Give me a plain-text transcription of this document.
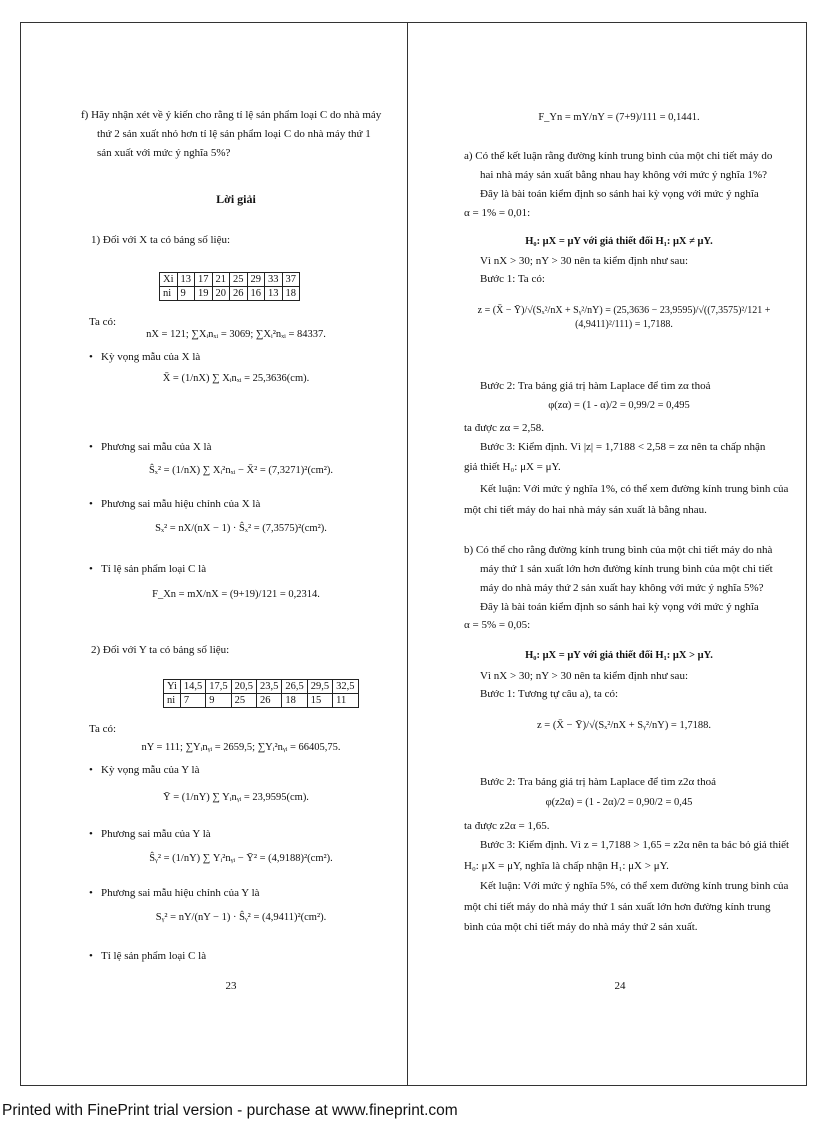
f) Hãy nhận xét về ý kiến cho rằng tỉ lệ sản phẩm loại C do nhà máy

thứ 2 sản xuất nhỏ hơn tỉ lệ sản phẩm loại C do nhà máy thứ 1

sản xuất với mức ý nghĩa 5%?

Lời giải
1) Đối với X ta có bảng số liệu:
Xi	13	17	21	25	29	33	37
ni	9	19	20	26	16	13	18
Ta có:
nX = 121; ∑Xᵢnₓᵢ = 3069; ∑Xᵢ²nₓᵢ = 84337.
• Kỳ vọng mẫu của X là
X̄ = (1/nX) ∑ Xᵢnₓᵢ = 25,3636(cm).
• Phương sai mẫu của X là
Ŝₓ² = (1/nX) ∑ Xᵢ²nₓᵢ − X̄² = (7,3271)²(cm²).
• Phương sai mẫu hiệu chỉnh của X là
Sₓ² = nX/(nX − 1) · Ŝₓ² = (7,3575)²(cm²).
• Tỉ lệ sản phẩm loại C là
F_Xn = mX/nX = (9+19)/121 = 0,2314.
2) Đối với Y ta có bảng số liệu:
Yi	14,5	17,5	20,5	23,5	26,5	29,5	32,5
ni	7	9	25	26	18	15	11
Ta có:
nY = 111; ∑Yᵢnᵧᵢ = 2659,5; ∑Yᵢ²nᵧᵢ = 66405,75.
• Kỳ vọng mẫu của Y là
Ȳ = (1/nY) ∑ Yᵢnᵧᵢ = 23,9595(cm).
• Phương sai mẫu của Y là
Ŝᵧ² = (1/nY) ∑ Yᵢ²nᵧᵢ − Ȳ² = (4,9188)²(cm²).
• Phương sai mẫu hiệu chỉnh của Y là
Sᵧ² = nY/(nY − 1) · Ŝᵧ² = (4,9411)²(cm²).
• Tỉ lệ sản phẩm loại C là
23
F_Yn = mY/nY = (7+9)/111 = 0,1441.

a) Có thể kết luận rằng đường kính trung bình của một chi tiết máy do

hai nhà máy sản xuất bằng nhau hay không với mức ý nghĩa 1%?

Đây là bài toán kiểm định so sánh hai kỳ vọng với mức ý nghĩa

α = 1% = 0,01:

H₀: μX = μY với giả thiết đối H₁: μX ≠ μY.
Vì nX > 30; nY > 30 nên ta kiểm định như sau:
Bước 1: Ta có:
z = (X̄ − Ȳ)/√(Sₓ²/nX + Sᵧ²/nY) = (25,3636 − 23,9595)/√((7,3575)²/121 + (4,9411)²/111) = 1,7188.
Bước 2: Tra bảng giá trị hàm Laplace để tìm zα thoả
φ(zα) = (1 - α)/2 = 0,99/2 = 0,495
ta được zα = 2,58.
Bước 3: Kiểm định. Vì |z| = 1,7188 < 2,58 = zα nên ta chấp nhận
giả thiết H₀: μX = μY.
Kết luận: Với mức ý nghĩa 1%, có thể xem đường kính trung bình của
một chi tiết máy do hai nhà máy sản xuất là bằng nhau.

b) Có thể cho rằng đường kính trung bình của một chi tiết máy do nhà

máy thứ 1 sản xuất lớn hơn đường kính trung bình của một chi tiết

máy do nhà máy thứ 2 sản xuất hay không với mức ý nghĩa 5%?

Đây là bài toán kiểm định so sánh hai kỳ vọng với mức ý nghĩa

α = 5% = 0,05:

H₀: μX = μY với giả thiết đối H₁: μX > μY.
Vì nX > 30; nY > 30 nên ta kiểm định như sau:
Bước 1: Tương tự câu a), ta có:
z = (X̄ − Ȳ)/√(Sₓ²/nX + Sᵧ²/nY) = 1,7188.
Bước 2: Tra bảng giá trị hàm Laplace để tìm z2α thoả
φ(z2α) = (1 - 2α)/2 = 0,90/2 = 0,45
ta được z2α = 1,65.
Bước 3: Kiểm định. Vì z = 1,7188 > 1,65 = z2α nên ta bác bỏ giả thiết
H₀: μX = μY, nghĩa là chấp nhận H₁: μX > μY.
Kết luận: Với mức ý nghĩa 5%, có thể xem đường kính trung bình của
một chi tiết máy do nhà máy thứ 1 sản xuất lớn hơn đường kính trung
bình của một chi tiết máy do nhà máy thứ 2 sản xuất.
24
Printed with FinePrint trial version - purchase at www.fineprint.com
